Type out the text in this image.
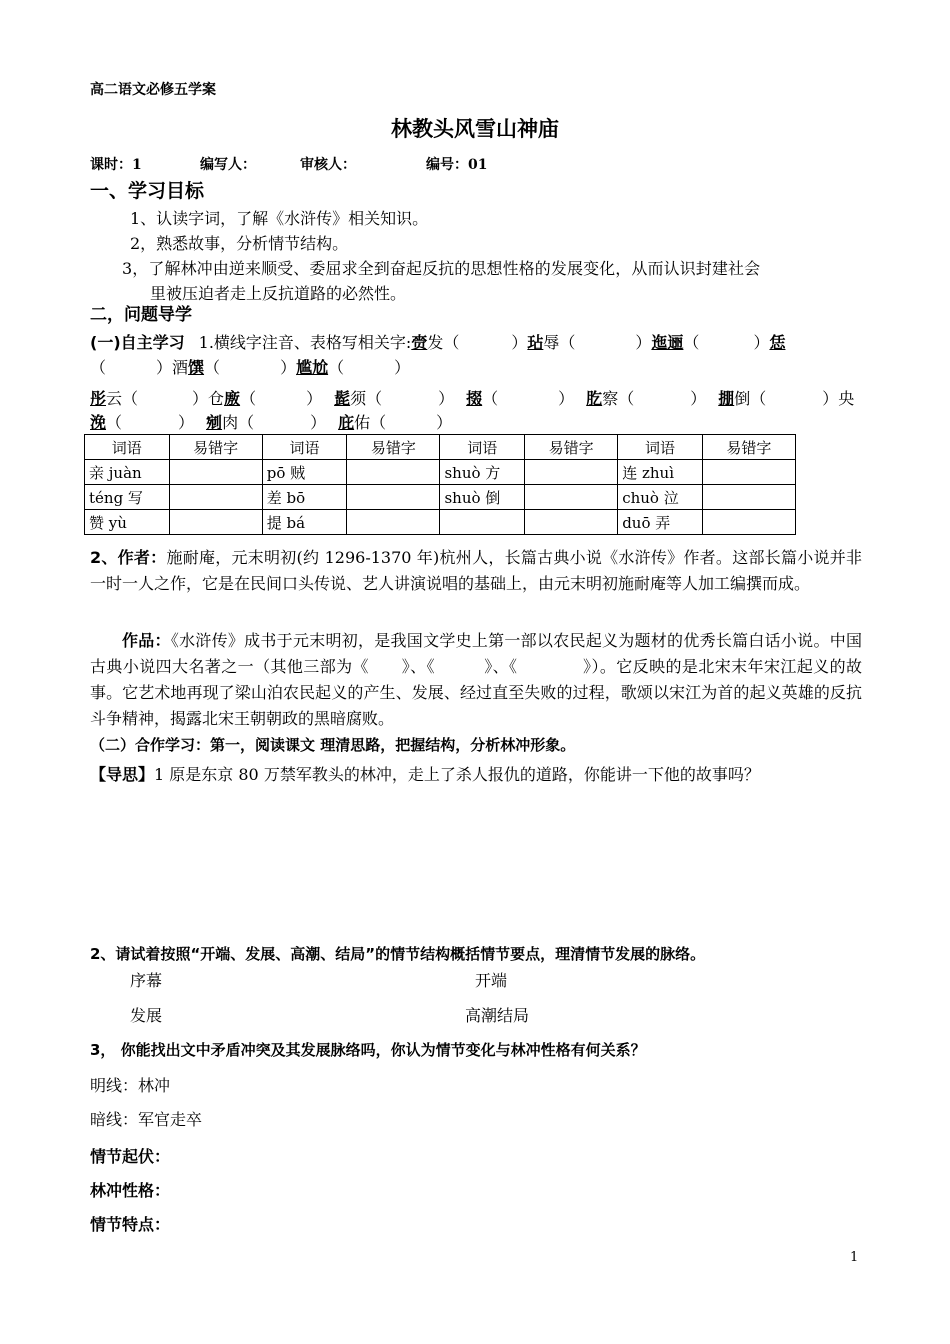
高二语文必修五学案
林教头风雪山神庙
课时：1	编写人：	审核人：	编号：01
一、学习目标
1、认读字词，了解《水浒传》相关知识。
2，熟悉故事，分析情节结构。
3，了解林冲由逆来顺受、委屈求全到奋起反抗的思想性格的发展变化，从而认识封建社会
里被压迫者走上反抗道路的必然性。
二，问题导学
(一)自主学习 1.横线字注音、表格写相关字:赍发（	）玷辱（	）迤逦（	）恁
（	）酒馔（	）尴尬（	）
彤云（	）仓廒（	） 髭须（	） 掇（	） 肐察（	） 掤倒（	）央
浼（	） 剜肉（	） 庇佑（	）
词语	易错字	词语	易错字	词语	易错字	词语	易错字
亲 juàn		pō 贼		shuò 方		连 zhuì	
téng 写		差 bō		shuò 倒		chuò 泣	
赞 yù		提 bá				duō 弄	
2、作者：施耐庵，元末明初(约 1296-1370 年)杭州人，长篇古典小说《水浒传》作者。这部长篇小说并非一时一人之作，它是在民间口头传说、艺人讲演说唱的基础上，由元末明初施耐庵等人加工编撰而成。
作品：《水浒传》成书于元末明初，是我国文学史上第一部以农民起义为题材的优秀长篇白话小说。中国古典小说四大名著之一（其他三部为《　　》、《　　　》、《　　　　》）。它反映的是北宋末年宋江起义的故事。它艺术地再现了梁山泊农民起义的产生、发展、经过直至失败的过程，歌颂以宋江为首的起义英雄的反抗斗争精神，揭露北宋王朝朝政的黑暗腐败。
（二）合作学习：第一，阅读课文 理清思路，把握结构，分析林冲形象。
【导思】1 原是东京 80 万禁军教头的林冲，走上了杀人报仇的道路，你能讲一下他的故事吗？
2、请试着按照“开端、发展、高潮、结局”的情节结构概括情节要点，理清情节发展的脉络。
序幕	开端
发展	高潮结局
3， 你能找出文中矛盾冲突及其发展脉络吗，你认为情节变化与林冲性格有何关系？
明线：林冲
暗线：军官走卒
情节起伏：
林冲性格：
情节特点：
1
